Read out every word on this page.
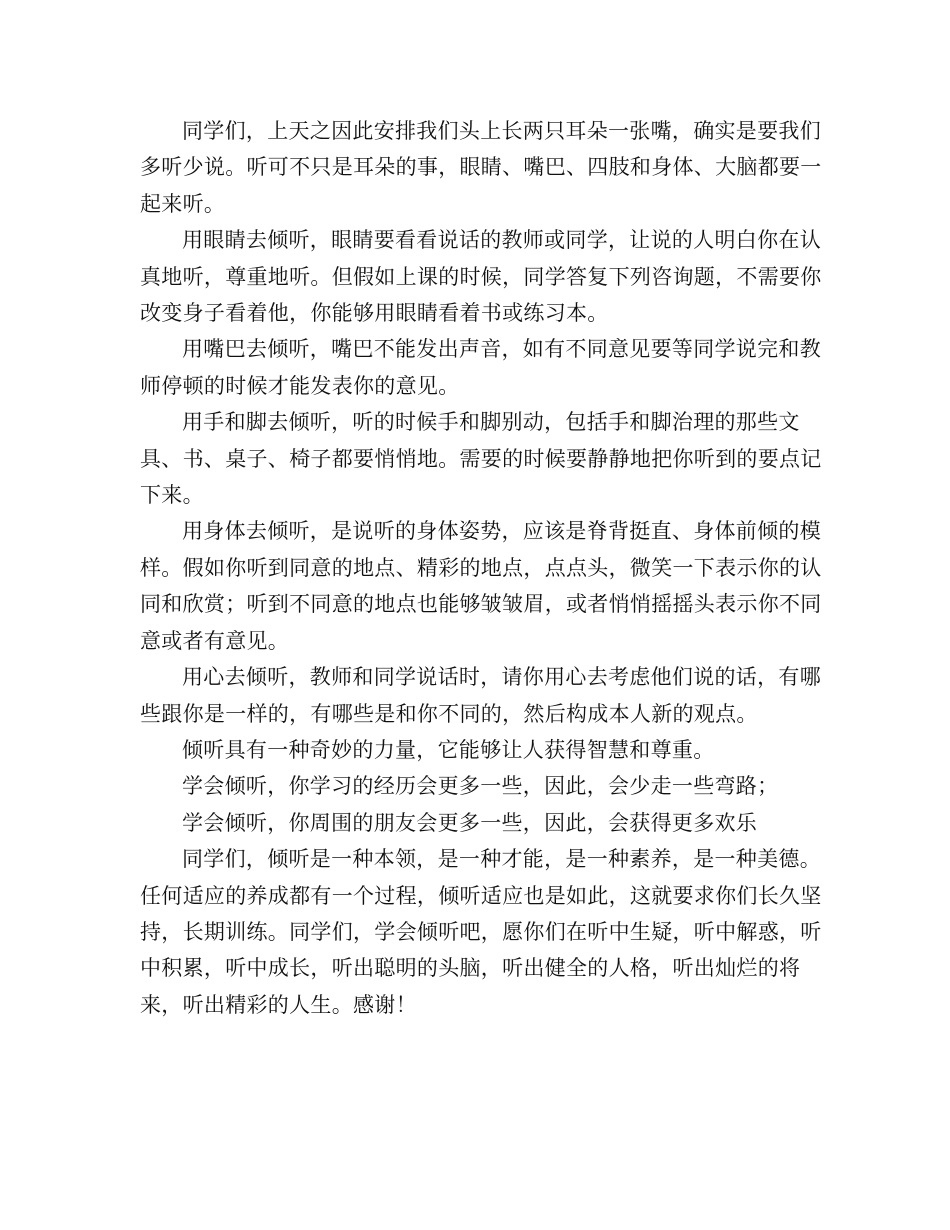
同学们，上天之因此安排我们头上长两只耳朵一张嘴，确实是要我们多听少说。听可不只是耳朵的事，眼睛、嘴巴、四肢和身体、大脑都要一起来听。

用眼睛去倾听，眼睛要看看说话的教师或同学，让说的人明白你在认真地听，尊重地听。但假如上课的时候，同学答复下列咨询题，不需要你改变身子看着他，你能够用眼睛看着书或练习本。

用嘴巴去倾听，嘴巴不能发出声音，如有不同意见要等同学说完和教师停顿的时候才能发表你的意见。

用手和脚去倾听，听的时候手和脚别动，包括手和脚治理的那些文具、书、桌子、椅子都要悄悄地。需要的时候要静静地把你听到的要点记下来。

用身体去倾听，是说听的身体姿势，应该是脊背挺直、身体前倾的模样。假如你听到同意的地点、精彩的地点，点点头，微笑一下表示你的认同和欣赏；听到不同意的地点也能够皱皱眉，或者悄悄摇摇头表示你不同意或者有意见。

用心去倾听，教师和同学说话时，请你用心去考虑他们说的话，有哪些跟你是一样的，有哪些是和你不同的，然后构成本人新的观点。

倾听具有一种奇妙的力量，它能够让人获得智慧和尊重。

学会倾听，你学习的经历会更多一些，因此，会少走一些弯路；

学会倾听，你周围的朋友会更多一些，因此，会获得更多欢乐

同学们，倾听是一种本领，是一种才能，是一种素养，是一种美德。任何适应的养成都有一个过程，倾听适应也是如此，这就要求你们长久坚持，长期训练。同学们，学会倾听吧，愿你们在听中生疑，听中解惑，听中积累，听中成长，听出聪明的头脑，听出健全的人格，听出灿烂的将来，听出精彩的人生。感谢！
